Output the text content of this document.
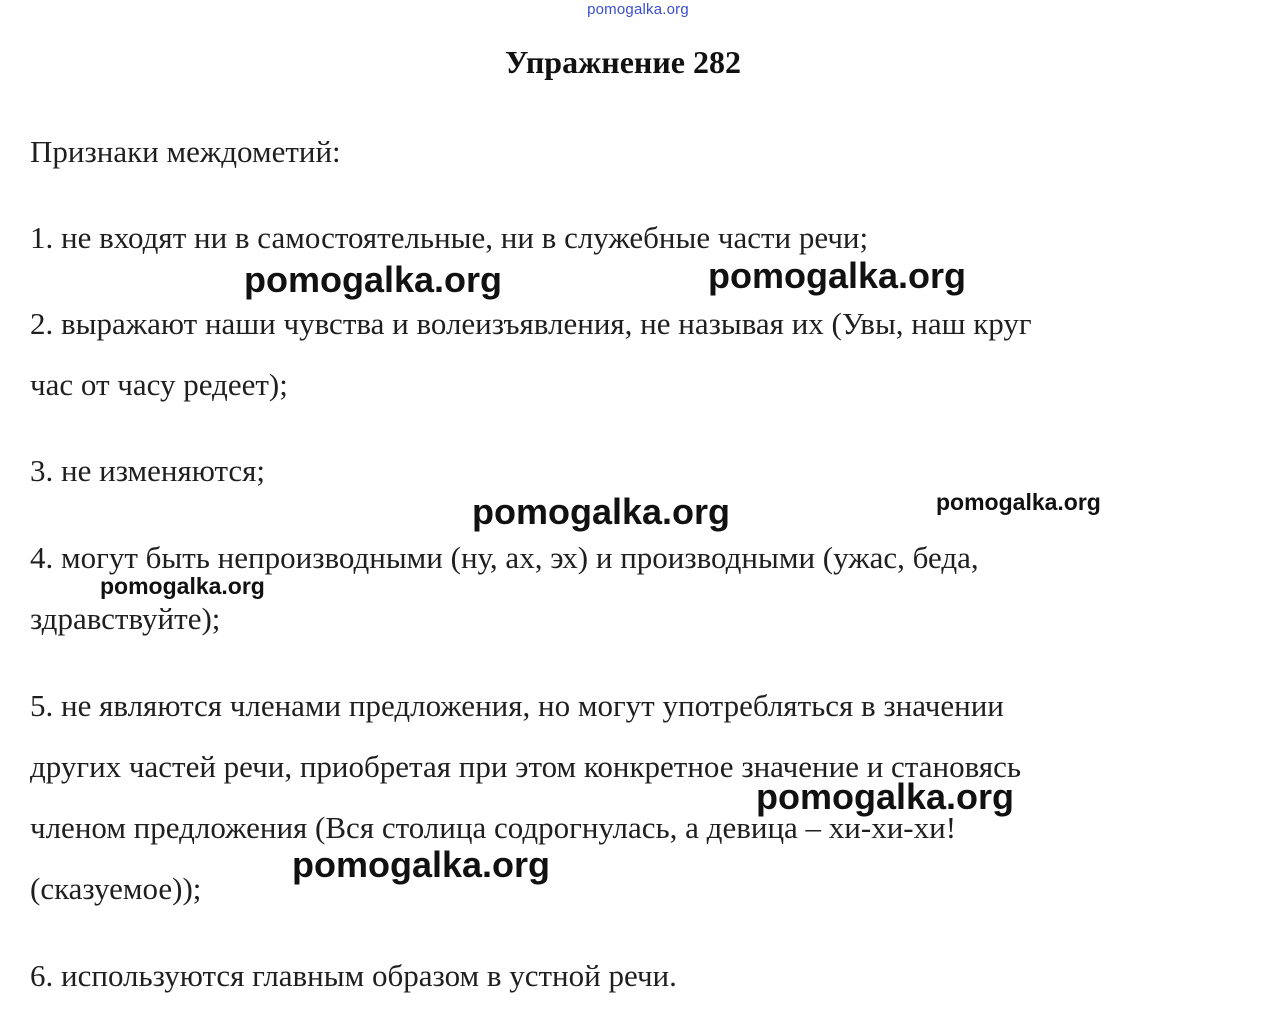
pomogalka.org
Упражнение 282
Признаки междометий:
1. не входят ни в самостоятельные, ни в служебные части речи;
2. выражают наши чувства и волеизъявления, не называя их (Увы, наш круг
час от часу редеет);
3. не изменяются;
4. могут быть непроизводными (ну, ах, эх) и производными (ужас, беда,
здравствуйте);
5. не являются членами предложения, но могут употребляться в значении
других частей речи, приобретая при этом конкретное значение и становясь
членом предложения (Вся столица содрогнулась, а девица – хи-хи-хи!
(сказуемое));
6. используются главным образом в устной речи.
pomogalka.org	pomogalka.org
pomogalka.org	pomogalka.org
pomogalka.org
pomogalka.org
pomogalka.org
